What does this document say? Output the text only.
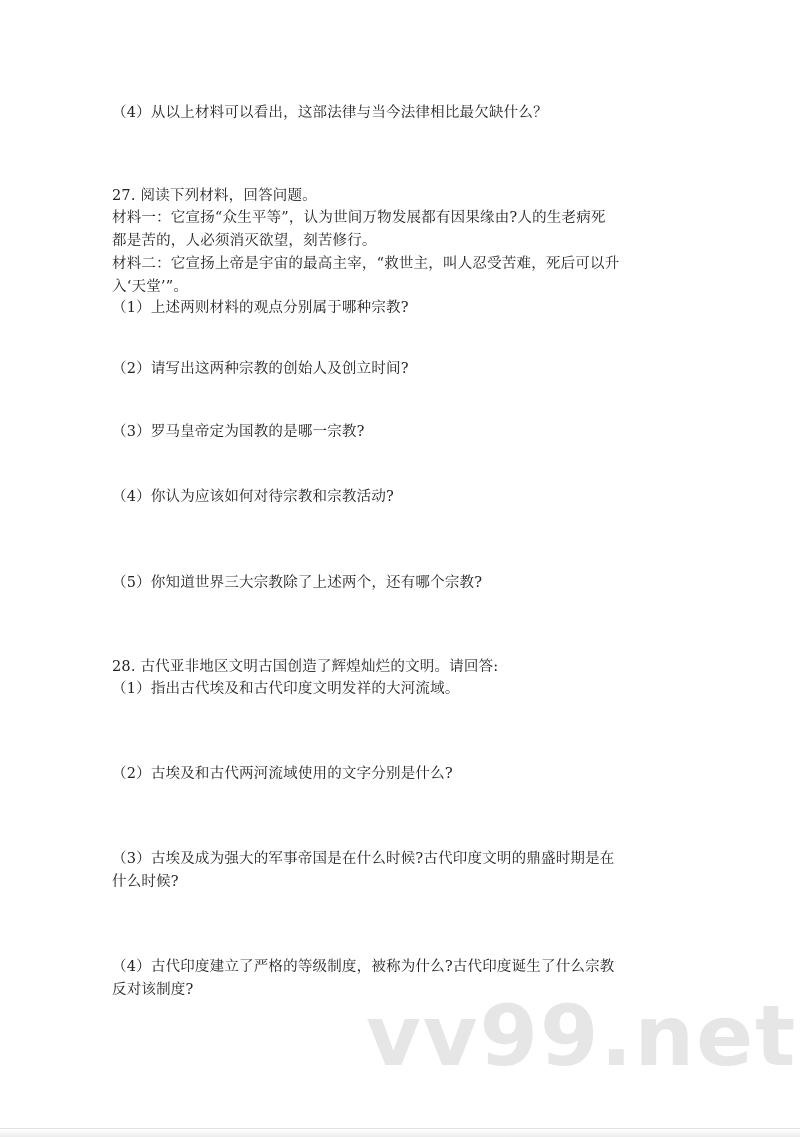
（4）从以上材料可以看出，这部法律与当今法律相比最欠缺什么？
27. 阅读下列材料，回答问题。
材料一：它宣扬“众生平等”，认为世间万物发展都有因果缘由?人的生老病死
都是苦的，人必须消灭欲望，刻苦修行。
材料二：它宣扬上帝是宇宙的最高主宰，“救世主，叫人忍受苦难，死后可以升
入‘天堂’”。
（1）上述两则材料的观点分别属于哪种宗教?
（2）请写出这两种宗教的创始人及创立时间?
（3）罗马皇帝定为国教的是哪一宗教?
（4）你认为应该如何对待宗教和宗教活动?
（5）你知道世界三大宗教除了上述两个，还有哪个宗教?
28. 古代亚非地区文明古国创造了辉煌灿烂的文明。请回答:
（1）指出古代埃及和古代印度文明发祥的大河流域。
（2）古埃及和古代两河流域使用的文字分别是什么?
（3）古埃及成为强大的军事帝国是在什么时候?古代印度文明的鼎盛时期是在
什么时候?
（4）古代印度建立了严格的等级制度，被称为什么?古代印度诞生了什么宗教
反对该制度? vv99.net
